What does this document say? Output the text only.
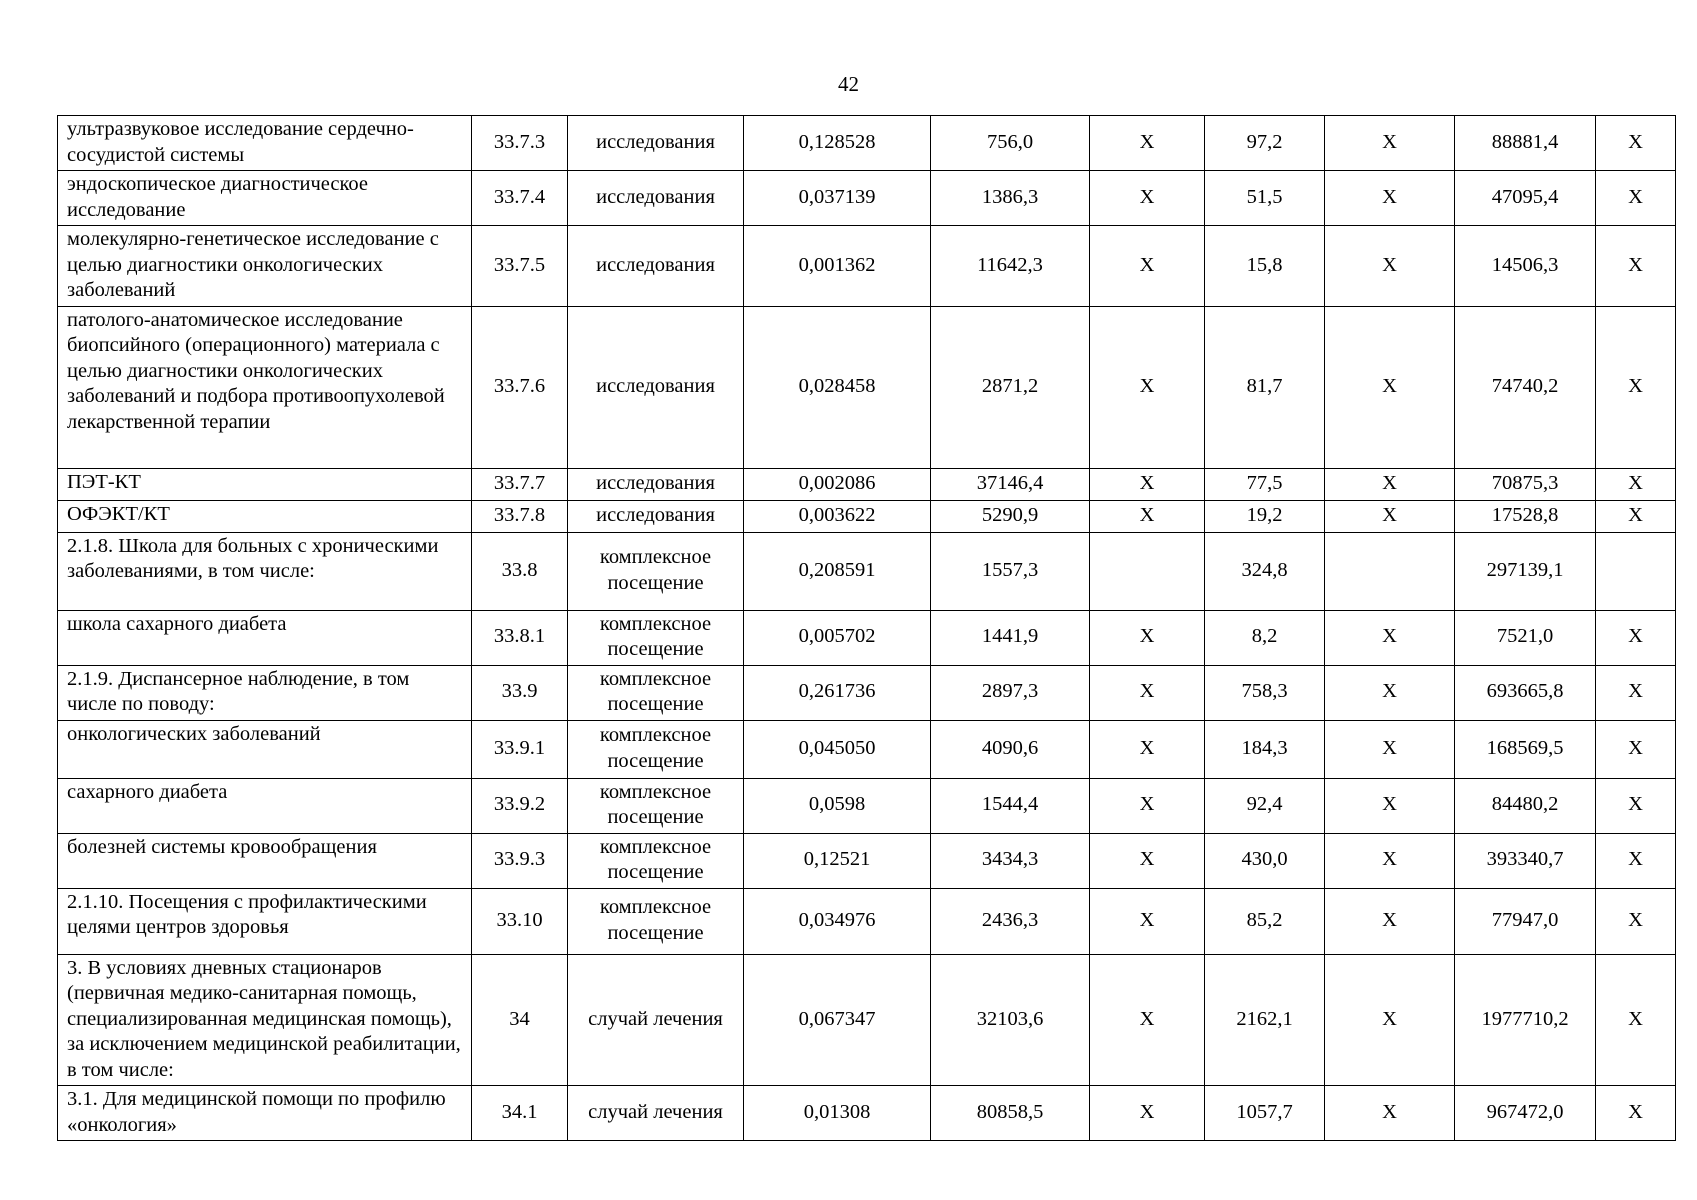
42
ультразвуковое исследование сердечно-сосудистой системы	33.7.3	исследования	0,128528	756,0	X	97,2	X	88881,4	X
эндоскопическое диагностическое исследование	33.7.4	исследования	0,037139	1386,3	X	51,5	X	47095,4	X
молекулярно-генетическое исследование с целью диагностики онкологических заболеваний	33.7.5	исследования	0,001362	11642,3	X	15,8	X	14506,3	X
патолого-анатомическое исследование биопсийного (операционного) материала с целью диагностики онкологических заболеваний и подбора противоопухолевой лекарственной терапии	33.7.6	исследования	0,028458	2871,2	X	81,7	X	74740,2	X
ПЭТ-КТ	33.7.7	исследования	0,002086	37146,4	X	77,5	X	70875,3	X
ОФЭКТ/КТ	33.7.8	исследования	0,003622	5290,9	X	19,2	X	17528,8	X
2.1.8. Школа для больных с хроническими заболеваниями, в том числе:	33.8	комплексное посещение	0,208591	1557,3		324,8		297139,1	
школа сахарного диабета	33.8.1	комплексное посещение	0,005702	1441,9	X	8,2	X	7521,0	X
2.1.9. Диспансерное наблюдение, в том числе по поводу:	33.9	комплексное посещение	0,261736	2897,3	X	758,3	X	693665,8	X
онкологических заболеваний	33.9.1	комплексное посещение	0,045050	4090,6	X	184,3	X	168569,5	X
сахарного диабета	33.9.2	комплексное посещение	0,0598	1544,4	X	92,4	X	84480,2	X
болезней системы кровообращения	33.9.3	комплексное посещение	0,12521	3434,3	X	430,0	X	393340,7	X
2.1.10. Посещения с профилактическими целями центров здоровья	33.10	комплексное посещение	0,034976	2436,3	X	85,2	X	77947,0	X
3. В условиях дневных стационаров (первичная медико-санитарная помощь, специализированная медицинская помощь), за исключением медицинской реабилитации, в том числе:	34	случай лечения	0,067347	32103,6	X	2162,1	X	1977710,2	X
3.1. Для медицинской помощи по профилю «онкология»	34.1	случай лечения	0,01308	80858,5	X	1057,7	X	967472,0	X
